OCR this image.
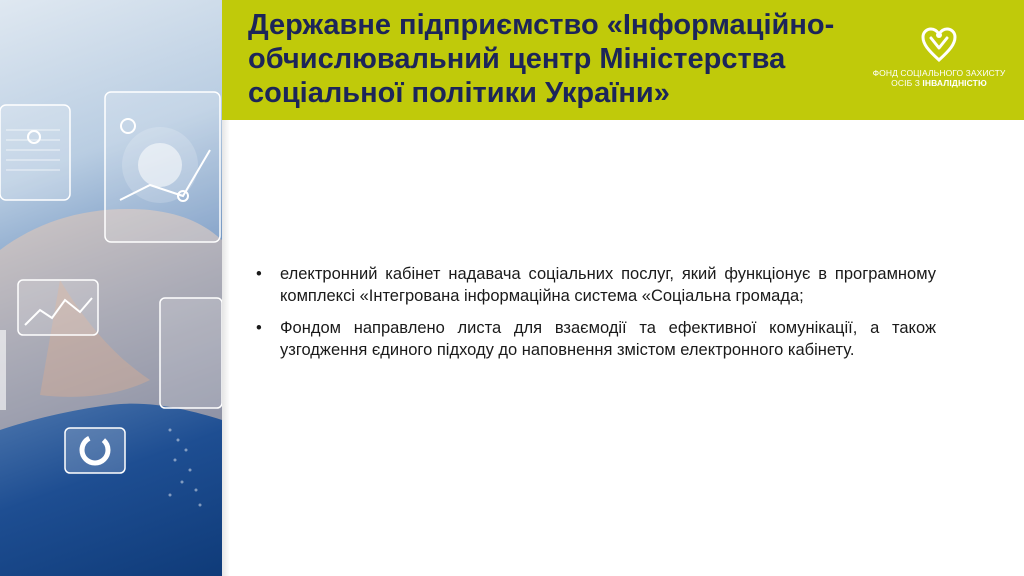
Державне підприємство «Інформаційно-обчислювальний центр Міністерства соціальної політики України»
ФОНД СОЦІАЛЬНОГО ЗАХИСТУ
ОСІБ З ІНВАЛІДНІСТЮ
•	електронний кабінет надавача соціальних послуг, який функціонує в програмному комплексі «Інтегрована інформаційна система «Соціальна громада;
•	Фондом направлено листа для взаємодії та ефективної комунікації, а також узгодження єдиного підходу до наповнення змістом електронного кабінету.
